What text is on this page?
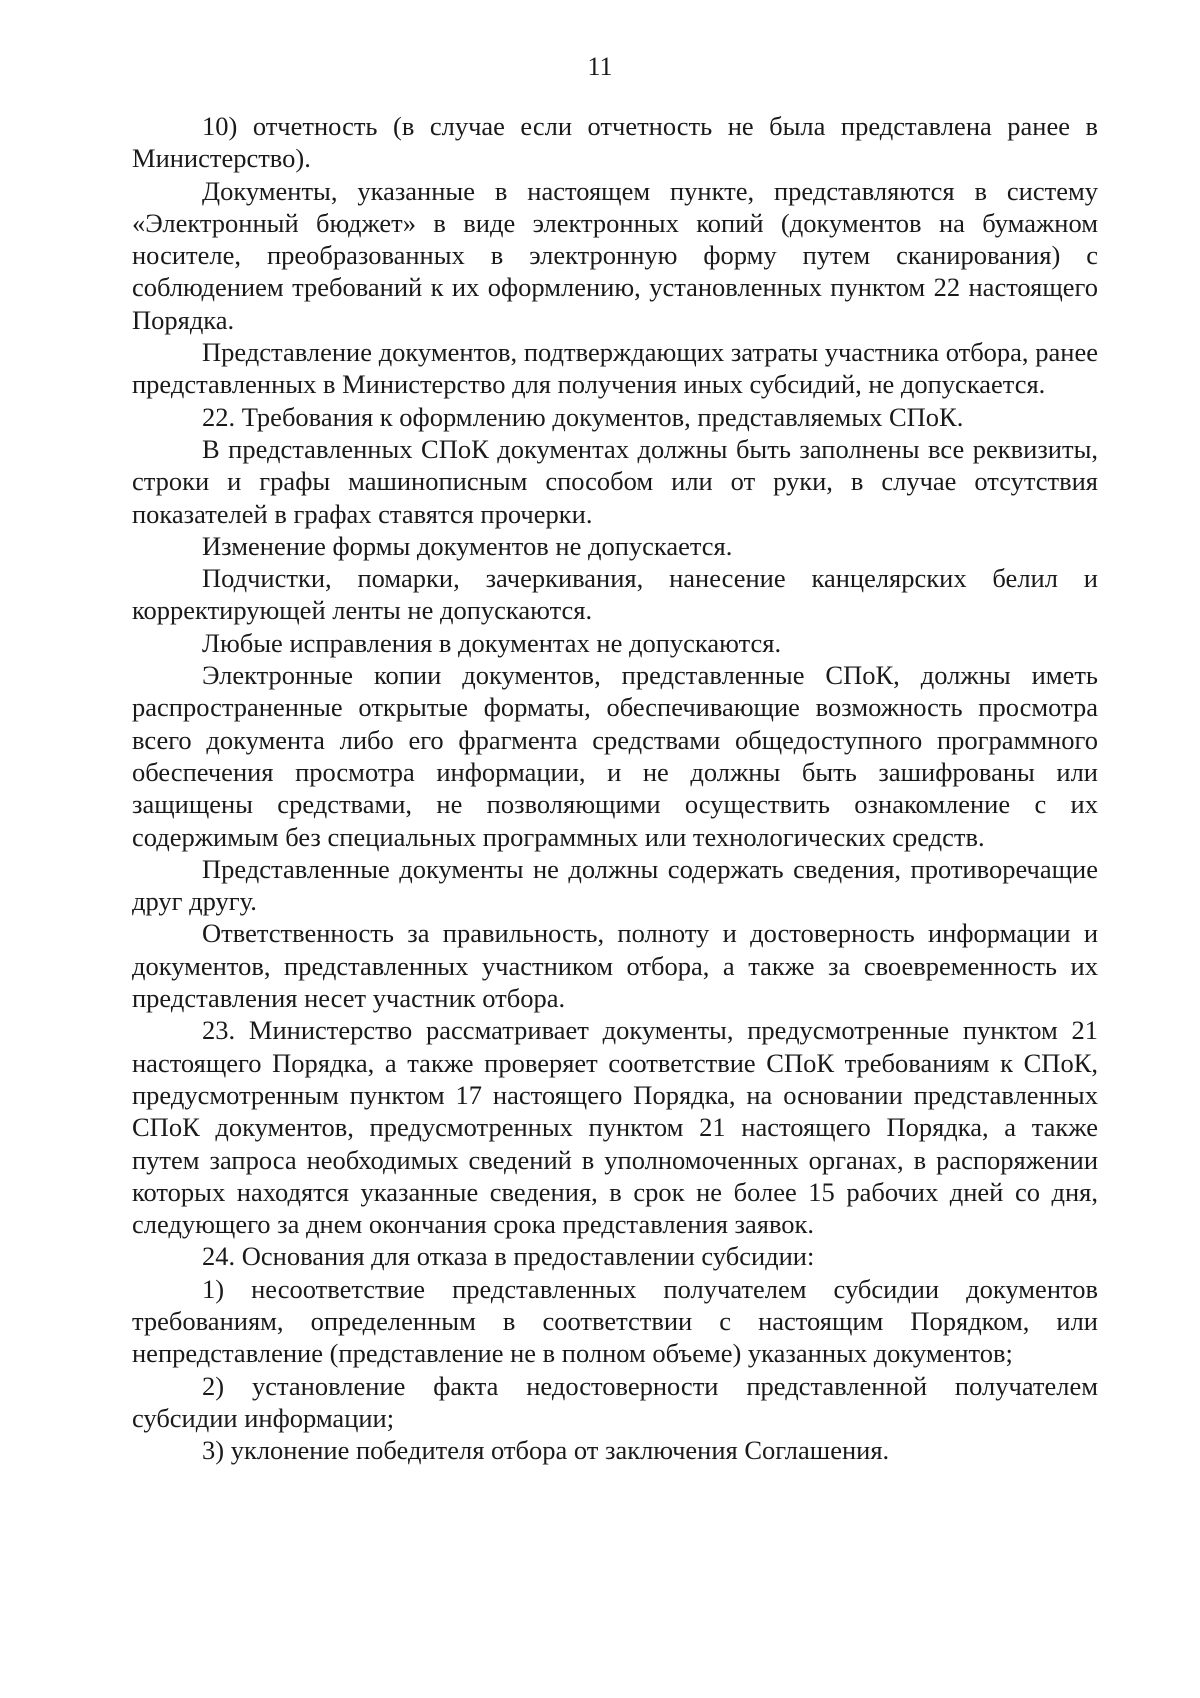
11

10) отчетность (в случае если отчетность не была представлена ранее в Министерство).

Документы, указанные в настоящем пункте, представляются в систему «Электронный бюджет» в виде электронных копий (документов на бумажном носителе, преобразованных в электронную форму путем сканирования) с соблюдением требований к их оформлению, установленных пунктом 22 настоящего Порядка.

Представление документов, подтверждающих затраты участника отбора, ранее представленных в Министерство для получения иных субсидий, не допускается.

22. Требования к оформлению документов, представляемых СПоК.

В представленных СПоК документах должны быть заполнены все реквизиты, строки и графы машинописным способом или от руки, в случае отсутствия показателей в графах ставятся прочерки.

Изменение формы документов не допускается.

Подчистки, помарки, зачеркивания, нанесение канцелярских белил и корректирующей ленты не допускаются.

Любые исправления в документах не допускаются.

Электронные копии документов, представленные СПоК, должны иметь распространенные открытые форматы, обеспечивающие возможность просмотра всего документа либо его фрагмента средствами общедоступного программного обеспечения просмотра информации, и не должны быть зашифрованы или защищены средствами, не позволяющими осуществить ознакомление с их содержимым без специальных программных или технологических средств.

Представленные документы не должны содержать сведения, противоречащие друг другу.

Ответственность за правильность, полноту и достоверность информации и документов, представленных участником отбора, а также за своевременность их представления несет участник отбора.

23. Министерство рассматривает документы, предусмотренные пунктом 21 настоящего Порядка, а также проверяет соответствие СПоК требованиям к СПоК, предусмотренным пунктом 17 настоящего Порядка, на основании представленных СПоК документов, предусмотренных пунктом 21 настоящего Порядка, а также путем запроса необходимых сведений в уполномоченных органах, в распоряжении которых находятся указанные сведения, в срок не более 15 рабочих дней со дня, следующего за днем окончания срока представления заявок.

24. Основания для отказа в предоставлении субсидии:

1) несоответствие представленных получателем субсидии документов требованиям, определенным в соответствии с настоящим Порядком, или непредставление (представление не в полном объеме) указанных документов;

2) установление факта недостоверности представленной получателем субсидии информации;

3) уклонение победителя отбора от заключения Соглашения.
